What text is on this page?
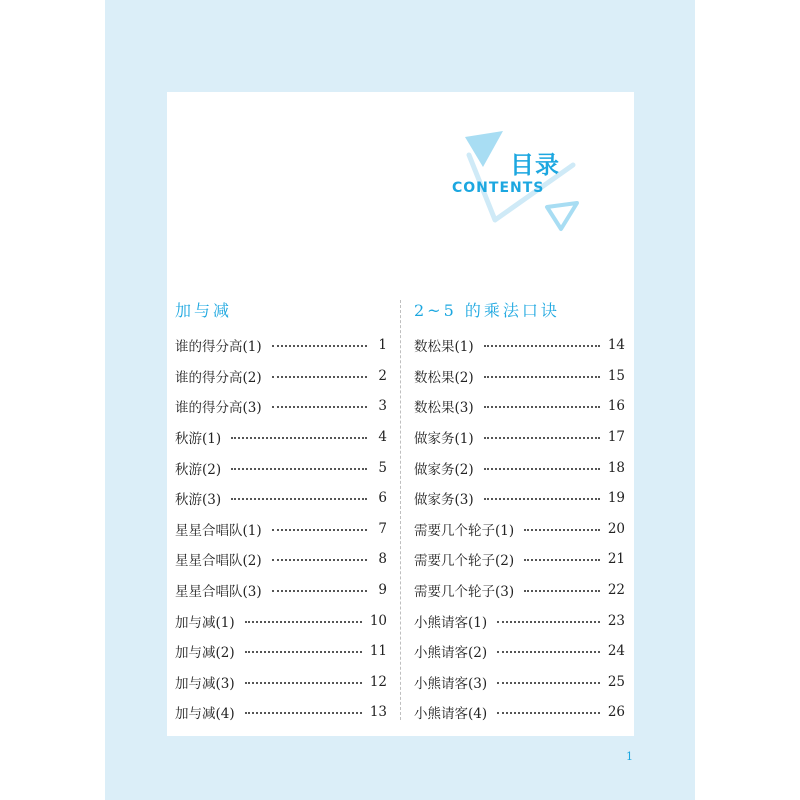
目录
CONTENTS
加与减
谁的得分高(1)	1
谁的得分高(2)	2
谁的得分高(3)	3
秋游(1)	4
秋游(2)	5
秋游(3)	6
星星合唱队(1)	7
星星合唱队(2)	8
星星合唱队(3)	9
加与减(1)	10
加与减(2)	11
加与减(3)	12
加与减(4)	13
2~5 的乘法口诀
数松果(1)	14
数松果(2)	15
数松果(3)	16
做家务(1)	17
做家务(2)	18
做家务(3)	19
需要几个轮子(1)	20
需要几个轮子(2)	21
需要几个轮子(3)	22
小熊请客(1)	23
小熊请客(2)	24
小熊请客(3)	25
小熊请客(4)	26
1
